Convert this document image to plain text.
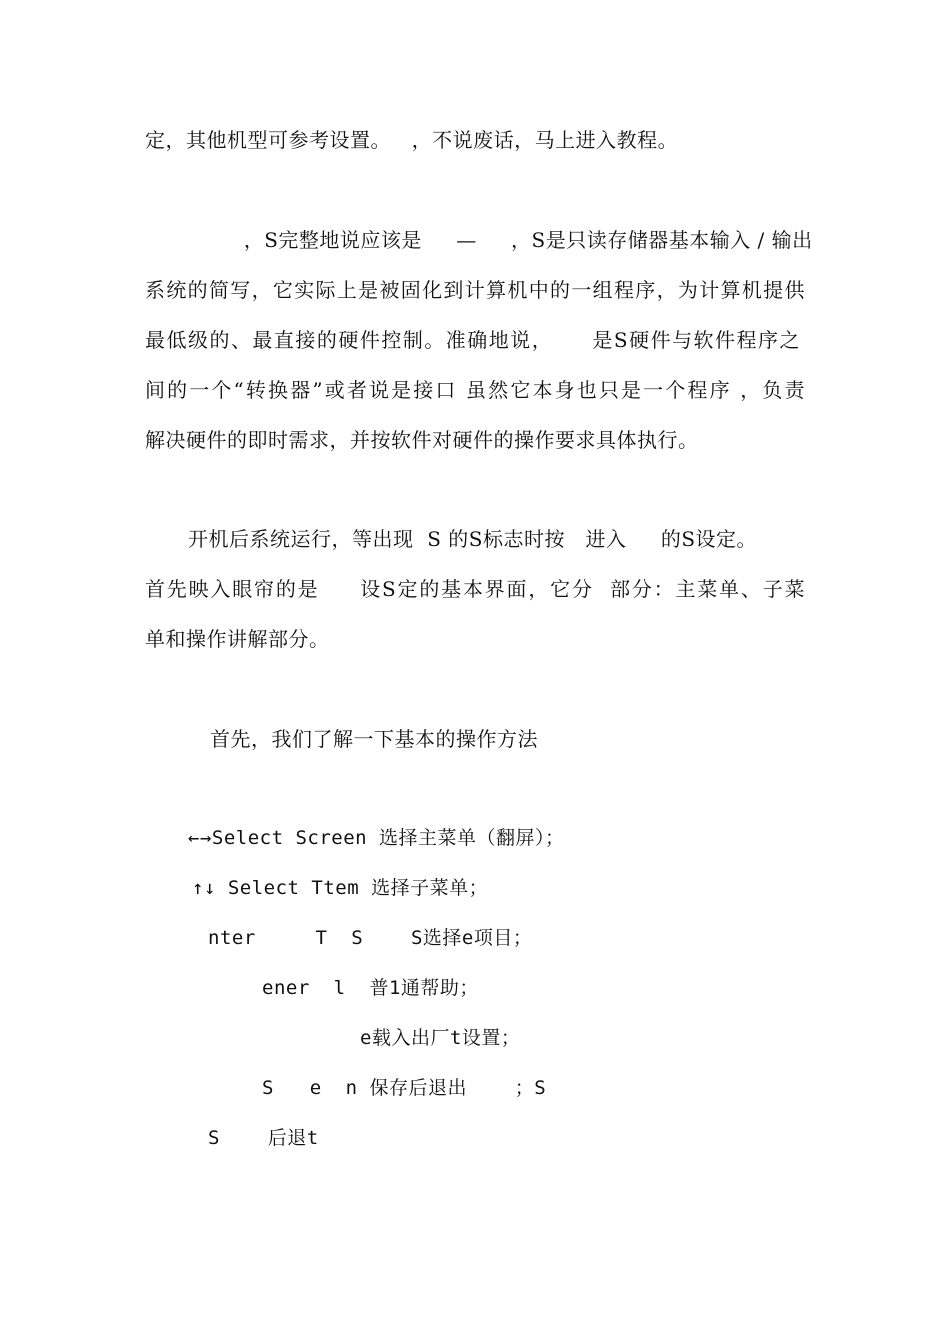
定，其他机型可参考设置。   ，不说废话，马上进入教程。
，S完整地说应该是     —     ，S是只读存储器基本输入 / 输出
系统的简写，它实际上是被固化到计算机中的一组程序，为计算机提供
最低级的、最直接的硬件控制。准确地说，     是S硬件与软件程序之
间的一个“转换器”或者说是接口 虽然它本身也只是一个程序 ，负责
解决硬件的即时需求，并按软件对硬件的操作要求具体执行。
开机后系统运行，等出现  S 的S标志时按   进入     的S设定。
首先映入眼帘的是     设S定的基本界面，它分  部分：主菜单、子菜
单和操作讲解部分。
首先，我们了解一下基本的操作方法
←→Select Screen 选择主菜单（翻屏）；
↑↓ Select Ttem 选择子菜单；
nter     T  S    S选择e项目；
ener  l  普1通帮助；
e载入出厂t设置；
S   e  n 保存后退出    ；S
S    后退t
